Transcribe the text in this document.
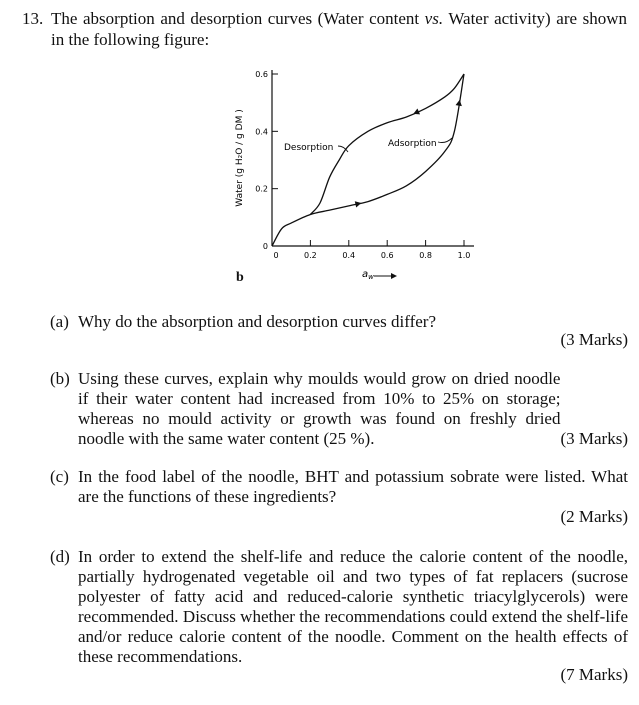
13. The absorption and desorption curves (Water content vs. Water activity) are shown in the following figure:
0.6
0.4
0.2
0
0	0.2	0.4	0.6	0.8	1.0
Water (g H₂O / g DM )
$a_w$
Desorption	Adsorption
b
(a) Why do the absorption and desorption curves differ?
(3 Marks)
(b)
(3 Marks)
Using these curves, explain why moulds would grow on dried noodle if their water content had increased from 10% to 25% on storage; whereas no mould activity or growth was found on freshly dried noodle with the same water content (25 %).
(c) In the food label of the noodle, BHT and potassium sobrate were listed. What are the functions of these ingredients?
(2 Marks)
(d) In order to extend the shelf-life and reduce the calorie content of the noodle, partially hydrogenated vegetable oil and two types of fat replacers (sucrose polyester of fatty acid and reduced-calorie synthetic triacylglycerols) were recommended. Discuss whether the recommendations could extend the shelf-life and/or reduce calorie content of the noodle. Comment on the health effects of these recommendations.
(7 Marks)
